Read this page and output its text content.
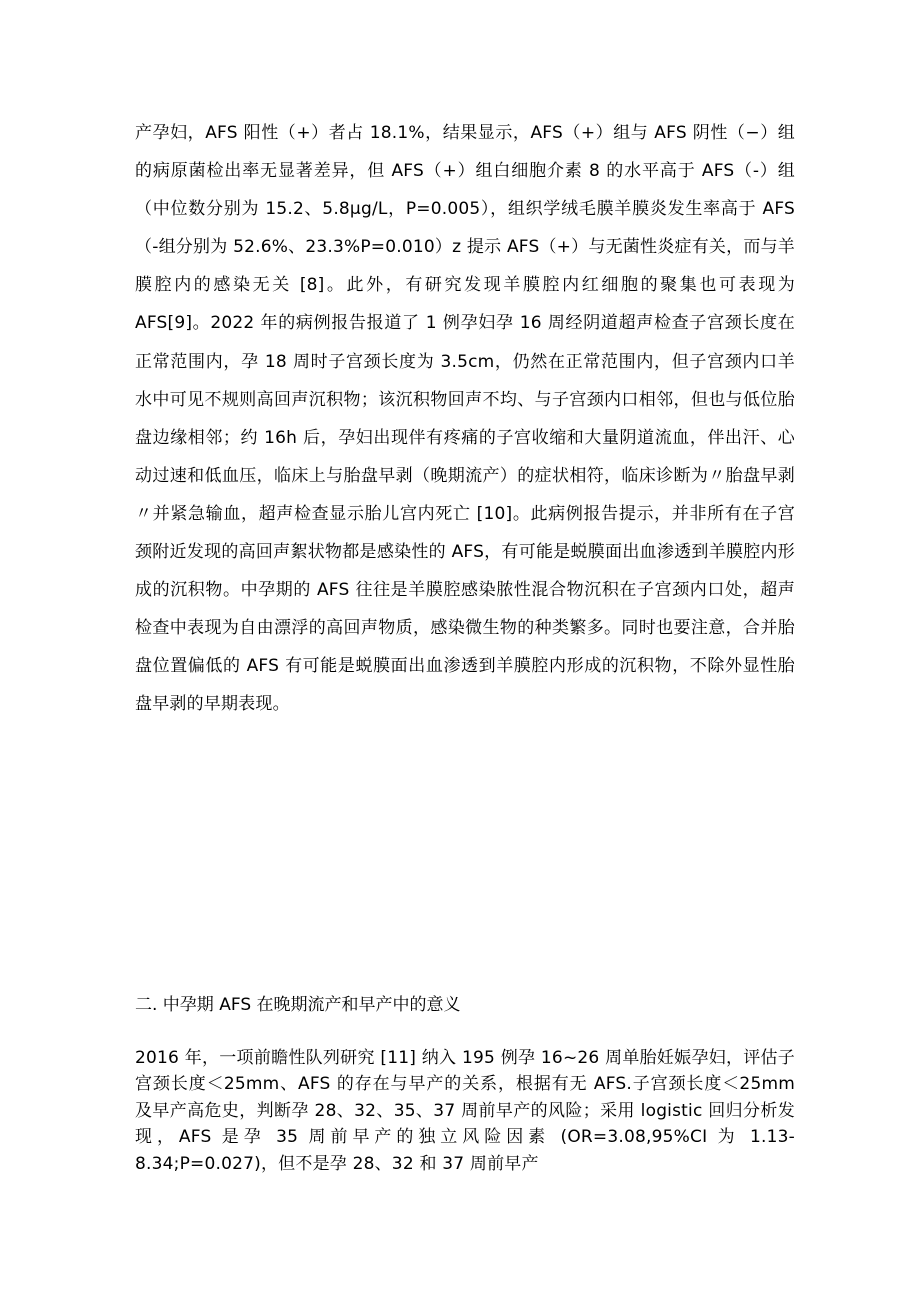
产孕妇，AFS 阳性（+）者占 18.1%，结果显示，AFS（+）组与 AFS 阴性（−）组的病原菌检出率无显著差异，但 AFS（+）组白细胞介素 8 的水平高于 AFS（-）组（中位数分别为 15.2、5.8μg/L，P=0.005），组织学绒毛膜羊膜炎发生率高于 AFS（-组分别为 52.6%、23.3%P=0.010）z 提示 AFS（+）与无菌性炎症有关，而与羊膜腔内的感染无关 [8]。此外，有研究发现羊膜腔内红细胞的聚集也可表现为 AFS[9]。2022 年的病例报告报道了 1 例孕妇孕 16 周经阴道超声检查子宫颈长度在正常范围内，孕 18 周时子宫颈长度为 3.5cm，仍然在正常范围内，但子宫颈内口羊水中可见不规则高回声沉积物；该沉积物回声不均、与子宫颈内口相邻，但也与低位胎盘边缘相邻；约 16h 后，孕妇出现伴有疼痛的子宫收缩和大量阴道流血，伴出汗、心动过速和低血压，临床上与胎盘早剥（晚期流产）的症状相符，临床诊断为〃胎盘早剥〃并紧急输血，超声检查显示胎儿宫内死亡 [10]。此病例报告提示，并非所有在子宫颈附近发现的高回声絮状物都是感染性的 AFS，有可能是蜕膜面出血渗透到羊膜腔内形成的沉积物。中孕期的 AFS 往往是羊膜腔感染脓性混合物沉积在子宫颈内口处，超声检查中表现为自由漂浮的高回声物质，感染微生物的种类繁多。同时也要注意，合并胎盘位置偏低的 AFS 有可能是蜕膜面出血渗透到羊膜腔内形成的沉积物，不除外显性胎盘早剥的早期表现。

二. 中孕期 AFS 在晚期流产和早产中的意义

2016 年，一项前瞻性队列研究 [11] 纳入 195 例孕 16~26 周单胎妊娠孕妇，评估子宫颈长度＜25mm、AFS 的存在与早产的关系，根据有无 AFS.子宫颈长度＜25mm 及早产高危史，判断孕 28、32、35、37 周前早产的风险；采用 logistic 回归分析发现，AFS 是孕 35 周前早产的独立风险因素 (OR=3.08,95%CI 为 1.13-8.34;P=0.027)，但不是孕 28、32 和 37 周前早产
